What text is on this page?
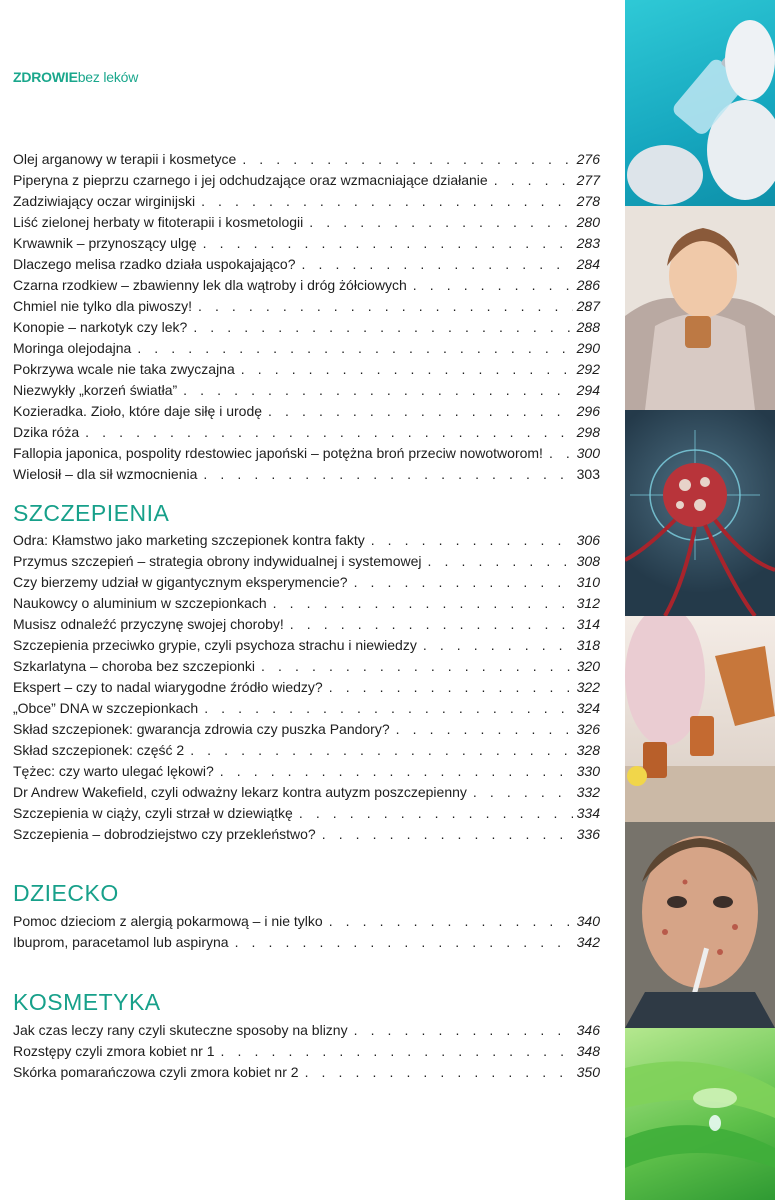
ZDROWIEbez leków
Olej arganowy w terapii i kosmetyce . . .	276
Piperyna z pieprzu czarnego i jej odchudzające oraz wzmacniające działanie . . .	277
Zadziwiający oczar wirginijski . . .	278
Liść zielonej herbaty w fitoterapii i kosmetologii . . .	280
Krwawnik – przynoszący ulgę . . .	283
Dlaczego melisa rzadko działa uspokajająco? . . .	284
Czarna rzodkiew – zbawienny lek dla wątroby i dróg żółciowych . . .	286
Chmiel nie tylko dla piwoszy! . . .	287
Konopie – narkotyk czy lek? . . .	288
Moringa olejodajna . . .	290
Pokrzywa wcale nie taka zwyczajna . . .	292
Niezwykły „korzeń światła” . . .	294
Kozieradka. Zioło, które daje siłę i urodę . . .	296
Dzika róża . . .	298
Fallopia japonica, pospolity rdestowiec japoński – potężna broń przeciw nowotworom! . . . 300
Wielosił – dla sił wzmocnienia . . .	303
SZCZEPIENIA
Odra: Kłamstwo jako marketing szczepionek kontra fakty . . .	306
Przymus szczepień – strategia obrony indywidualnej i systemowej . . .	308
Czy bierzemy udział w gigantycznym eksperymencie? . . .	310
Naukowcy o aluminium w szczepionkach . . .	312
Musisz odnaleźć przyczynę swojej choroby! . . .	314
Szczepienia przeciwko grypie, czyli psychoza strachu i niewiedzy . . .	318
Szkarlatyna – choroba bez szczepionki . . .	320
Ekspert – czy to nadal wiarygodne źródło wiedzy? . . .	322
„Obce” DNA w szczepionkach . . .	324
Skład szczepionek: gwarancja zdrowia czy puszka Pandory? . . .	326
Skład szczepionek: część 2 . . .	328
Tężec: czy warto ulegać lękowi? . . .	330
Dr Andrew Wakefield, czyli odważny lekarz kontra autyzm poszczepienny . . .	332
Szczepienia w ciąży, czyli strzał w dziewiątkę . . .	334
Szczepienia – dobrodziejstwo czy przekleństwo? . . .	336
DZIECKO
Pomoc dzieciom z alergią pokarmową – i nie tylko . . .	340
Ibuprom, paracetamol lub aspiryna . . .	342
KOSMETYKA
Jak czas leczy rany czyli skuteczne sposoby na blizny . . .	346
Rozstępy czyli zmora kobiet nr 1 . . .	348
Skórka pomarańczowa czyli zmora kobiet nr 2 . . .	350
